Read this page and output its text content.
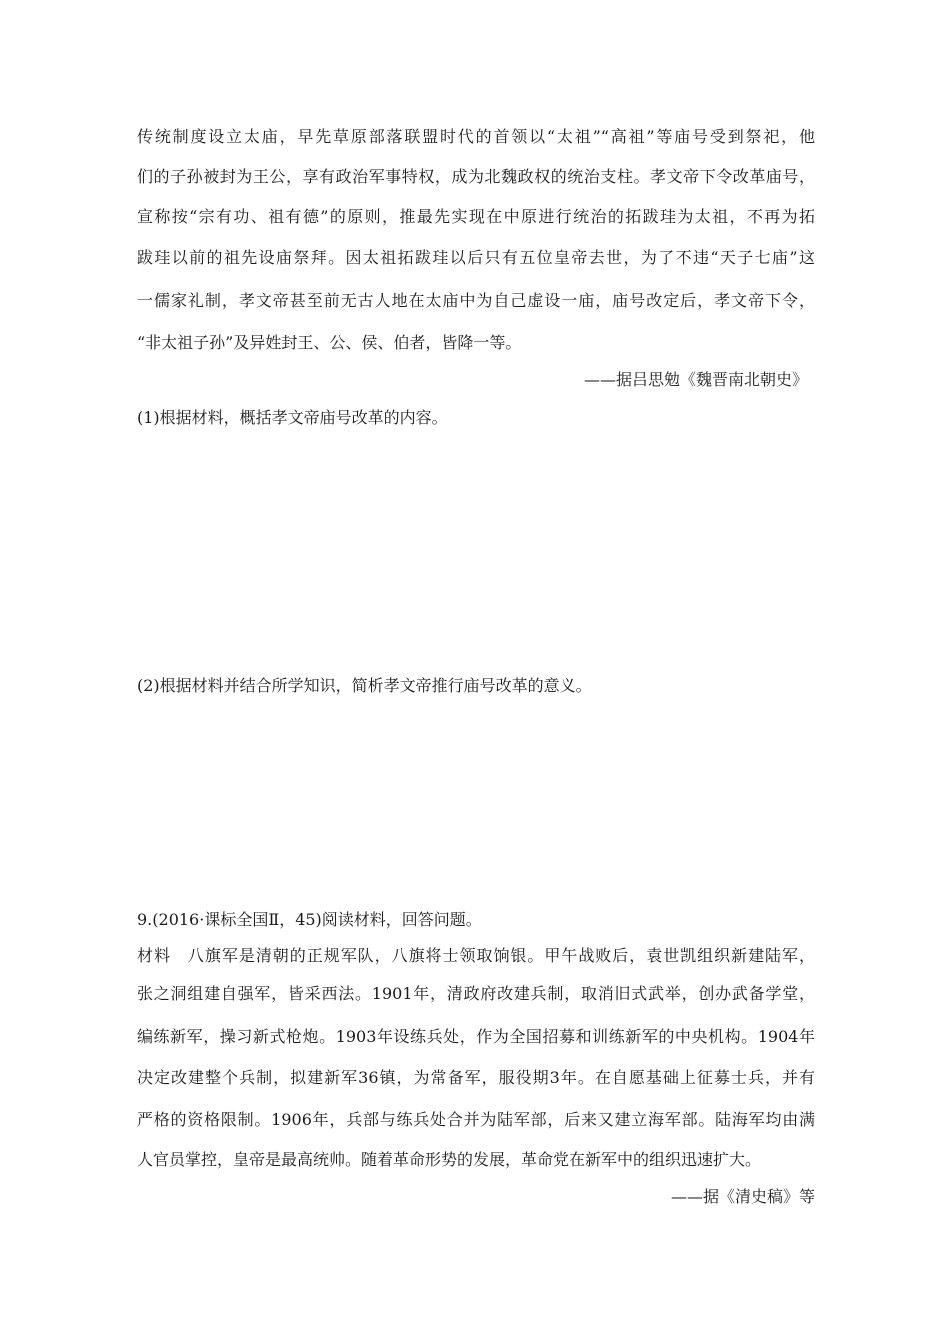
传统制度设立太庙，早先草原部落联盟时代的首领以“太祖”“高祖”等庙号受到祭祀，他
们的子孙被封为王公，享有政治军事特权，成为北魏政权的统治支柱。孝文帝下令改革庙号，
宣称按“宗有功、祖有德”的原则，推最先实现在中原进行统治的拓跋珪为太祖，不再为拓
跋珪以前的祖先设庙祭拜。因太祖拓跋珪以后只有五位皇帝去世，为了不违“天子七庙”这
一儒家礼制，孝文帝甚至前无古人地在太庙中为自己虚设一庙，庙号改定后，孝文帝下令，
“非太祖子孙”及异姓封王、公、侯、伯者，皆降一等。
——据吕思勉《魏晋南北朝史》
(1)根据材料，概括孝文帝庙号改革的内容。
(2)根据材料并结合所学知识，简析孝文帝推行庙号改革的意义。
9.(2016·课标全国Ⅱ，45)阅读材料，回答问题。
材料　八旗军是清朝的正规军队，八旗将士领取饷银。甲午战败后，袁世凯组织新建陆军，
张之洞组建自强军，皆采西法。1901年，清政府改建兵制，取消旧式武举，创办武备学堂，
编练新军，操习新式枪炮。1903年设练兵处，作为全国招募和训练新军的中央机构。1904年
决定改建整个兵制，拟建新军36镇，为常备军，服役期3年。在自愿基础上征募士兵，并有
严格的资格限制。1906年，兵部与练兵处合并为陆军部，后来又建立海军部。陆海军均由满
人官员掌控，皇帝是最高统帅。随着革命形势的发展，革命党在新军中的组织迅速扩大。
——据《清史稿》等
